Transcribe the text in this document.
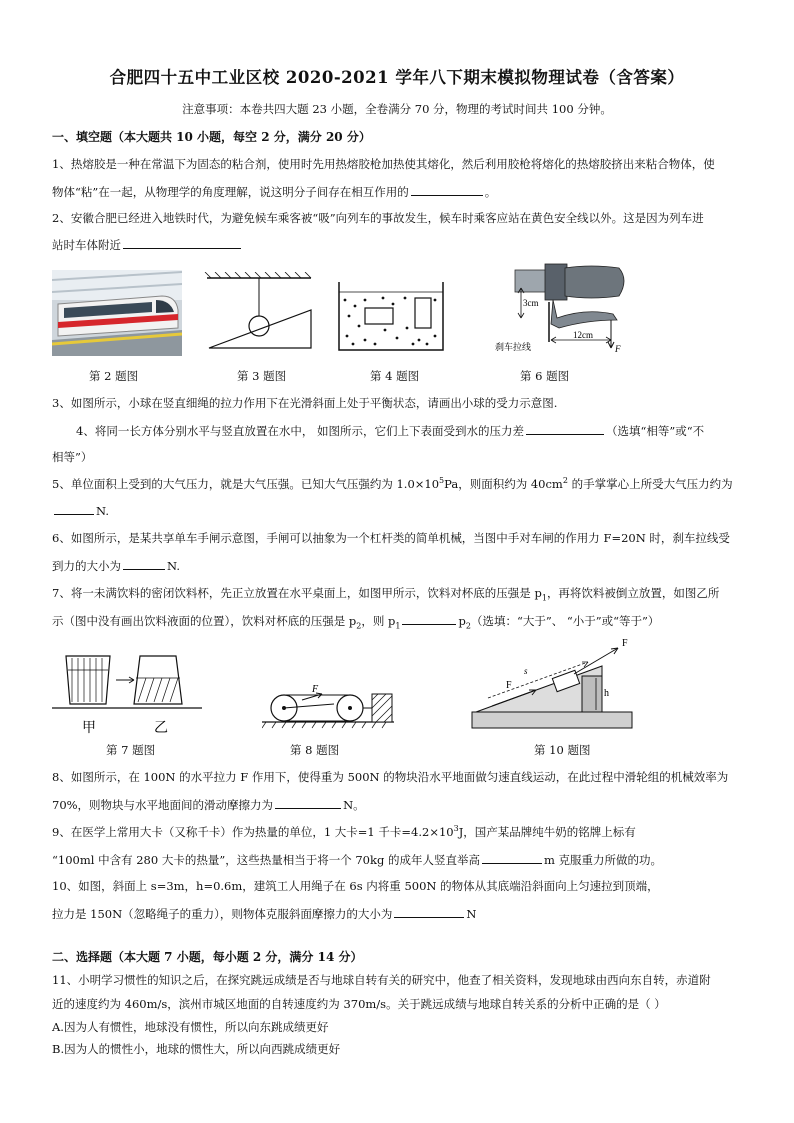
合肥四十五中工业区校 2020-2021 学年八下期末模拟物理试卷（含答案）
注意事项：本卷共四大题 23 小题，全卷满分 70 分，物理的考试时间共 100 分钟。
一、填空题（本大题共 10 小题，每空 2 分，满分 20 分）
1、热熔胶是一种在常温下为固态的粘合剂，使用时先用热熔胶枪加热使其熔化，然后利用胶枪将熔化的热熔胶挤出来粘合物体，使
物体“粘”在一起，从物理学的角度理解，说这明分子间存在相互作用的	。
2、安徽合肥已经进入地铁时代，为避免候车乘客被“吸”向列车的事故发生，候车时乘客应站在黄色安全线以外。这是因为列车进
站时车体附近
3cm
12cm
F
刹车拉线
第 2 题图	第 3 题图	第 4 题图	第 6 题图
3、如图所示，小球在竖直细绳的拉力作用下在光滑斜面上处于平衡状态，请画出小球的受力示意图.
4、将同一长方体分别水平与竖直放置在水中， 如图所示，它们上下表面受到水的压力差	（选填“相等”或“不
相等”）
5、单位面积上受到的大气压力，就是大气压强。已知大气压强约为 $1.0\times 10^5Pa$，则面积约为 $40cm^2$ 的手掌掌心上所受大气压力约为
N.
6、如图所示，是某共享单车手闸示意图，手闸可以抽象为一个杠杆类的简单机械，当图中手对车闸的作用力 F=20N 时，刹车拉线受
到力的大小为	N.
7、将一未满饮料的密闭饮料杯，先正立放置在水平桌面上，如图甲所示，饮料对杯底的压强是 $p_1$，再将饮料被倒立放置，如图乙所
示（图中没有画出饮料液面的位置），饮料对杯底的压强是 $p_2$，则 $p_1$	$p_2$（选填：“大于”、 “小于”或“等于”）
甲	乙
F
F
F
s
h
第 7 题图	第 8 题图	第 10 题图
8、如图所示，在 100N 的水平拉力 F 作用下，使得重为 500N 的物块沿水平地面做匀速直线运动，在此过程中滑轮组的机械效率为
70%，则物块与水平地面间的滑动摩擦力为	N。
9、在医学上常用大卡（又称千卡）作为热量的单位，1 大卡=1 千卡$=4.2\times 10^3J$，国产某品牌纯牛奶的铭牌上标有
“100ml 中含有 280 大卡的热量”，这些热量相当于将一个 70kg 的成年人竖直举高	m 克服重力所做的功。
10、如图，斜面上 s=3m，h=0.6m，建筑工人用绳子在 6s 内将重 500N 的物体从其底端沿斜面向上匀速拉到顶端，
拉力是 150N（忽略绳子的重力），则物体克服斜面摩擦力的大小为	N
二、选择题（本大题 7 小题，每小题 2 分，满分 14 分）
11、小明学习惯性的知识之后，在探究跳远成绩是否与地球自转有关的研究中，他查了相关资料，发现地球由西向东自转，赤道附
近的速度约为 460m/s，滨州市城区地面的自转速度约为 370m/s。关于跳远成绩与地球自转关系的分析中正确的是（ ）
A.因为人有惯性，地球没有惯性，所以向东跳成绩更好
B.因为人的惯性小，地球的惯性大，所以向西跳成绩更好
